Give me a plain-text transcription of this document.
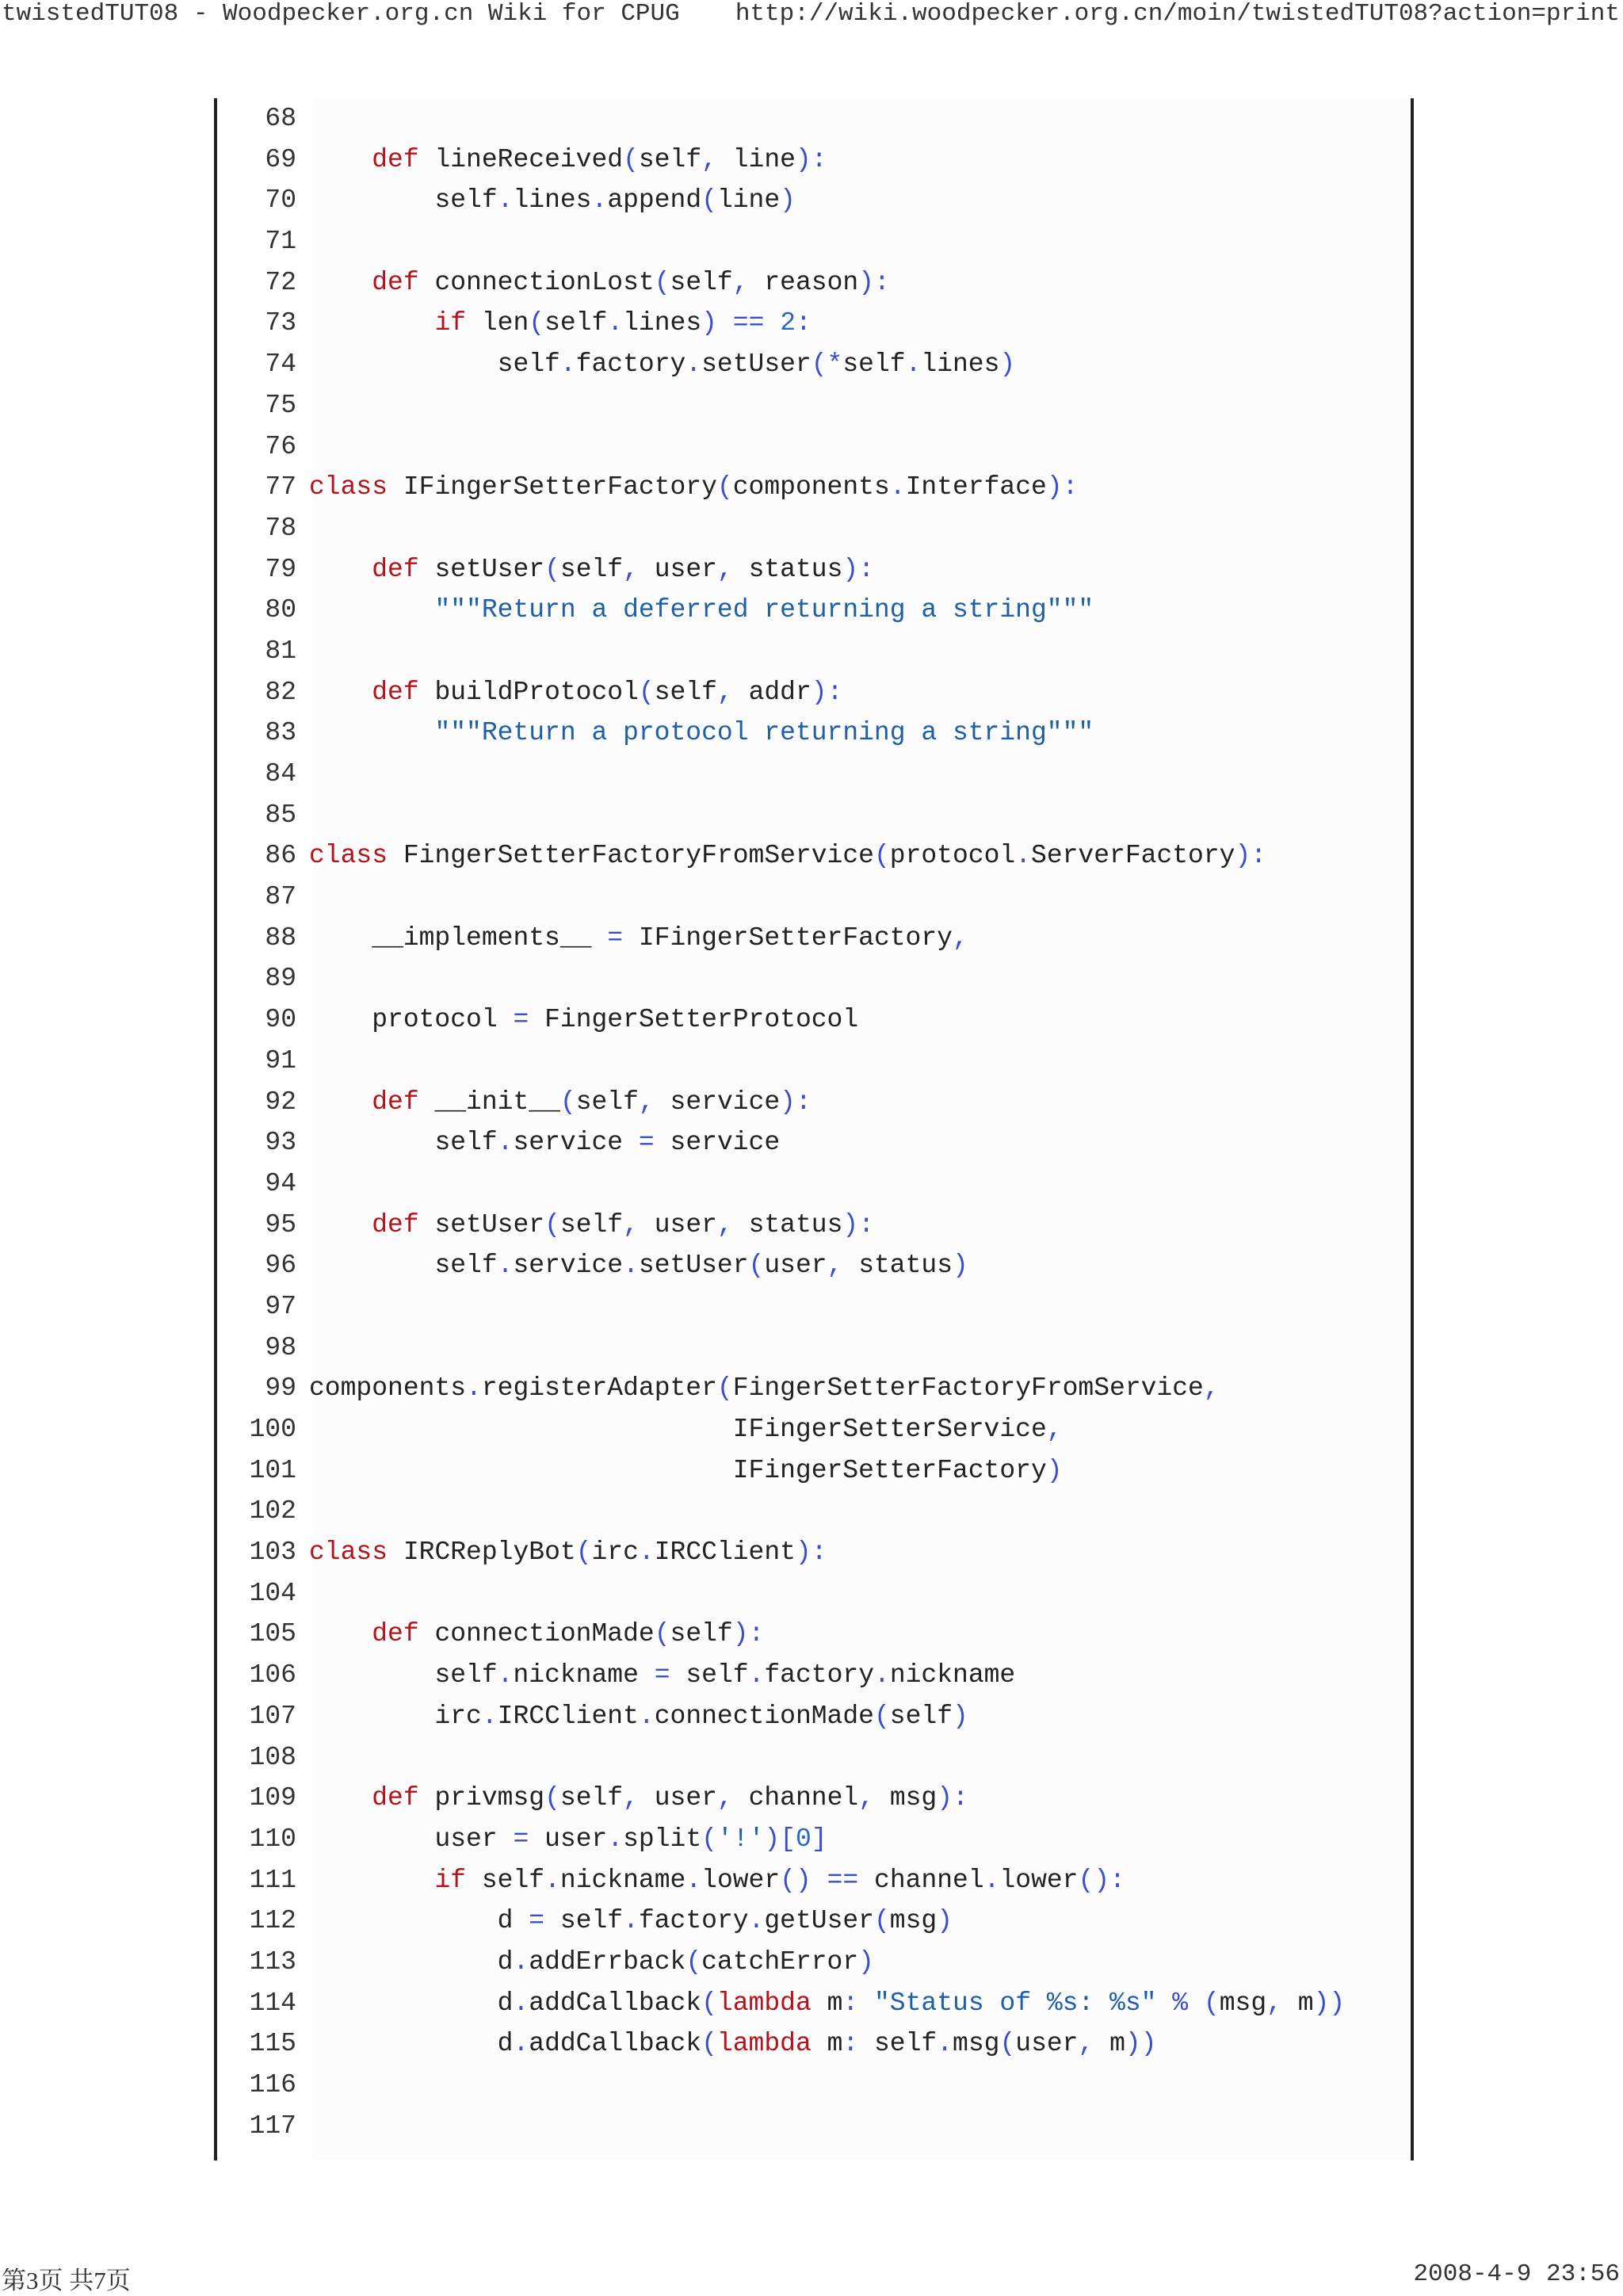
twistedTUT08 - Woodpecker.org.cn Wiki for CPUG http://wiki.woodpecker.org.cn/moin/twistedTUT08?action=print
68
69	def lineReceived(self, line):
70	self.lines.append(line)
71
72	def connectionLost(self, reason):
73	if len(self.lines) == 2:
74	self.factory.setUser(*self.lines)
75
76
77 class IFingerSetterFactory(components.Interface):
78
79	def setUser(self, user, status):
80	"""Return a deferred returning a string"""
81
82	def buildProtocol(self, addr):
83	"""Return a protocol returning a string"""
84
85
86 class FingerSetterFactoryFromService(protocol.ServerFactory):
87
88	__implements__ = IFingerSetterFactory,
89
90	protocol = FingerSetterProtocol
91
92	def __init__(self, service):
93	self.service = service
94
95	def setUser(self, user, status):
96	self.service.setUser(user, status)
97
98
99 components.registerAdapter(FingerSetterFactoryFromService,
100	IFingerSetterService,
101	IFingerSetterFactory)
102
103 class IRCReplyBot(irc.IRCClient):
104
105	def connectionMade(self):
106	self.nickname = self.factory.nickname
107	irc.IRCClient.connectionMade(self)
108
109	def privmsg(self, user, channel, msg):
110	user = user.split('!')[0]
111	if self.nickname.lower() == channel.lower():
112	d = self.factory.getUser(msg)
113	d.addErrback(catchError)
114	d.addCallback(lambda m: "Status of %s: %s" % (msg, m))
115	d.addCallback(lambda m: self.msg(user, m))
116
117
第3页 共7页	2008-4-9 23:56
